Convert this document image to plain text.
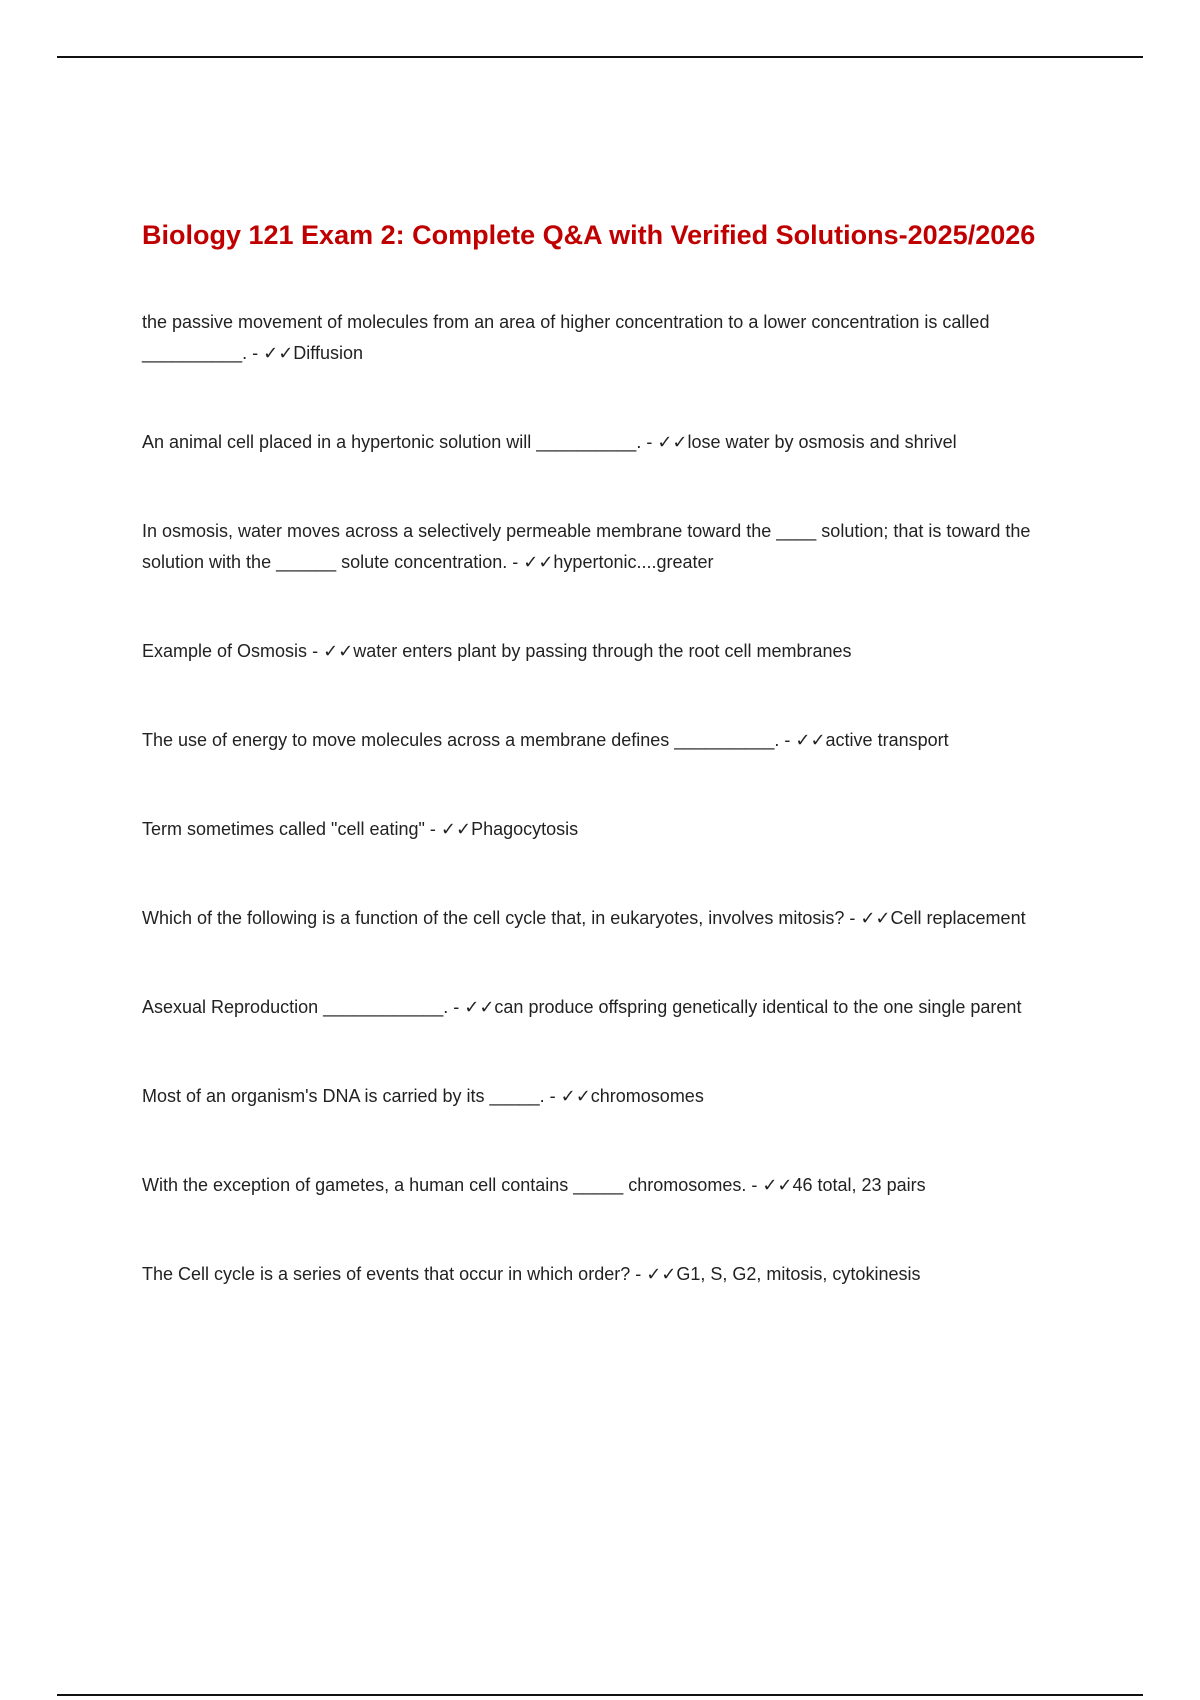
Biology 121 Exam 2: Complete Q&A with Verified Solutions-2025/2026

the passive movement of molecules from an area of higher concentration to a lower concentration is called __________. - ✓✓Diffusion

An animal cell placed in a hypertonic solution will __________. - ✓✓lose water by osmosis and shrivel

In osmosis, water moves across a selectively permeable membrane toward the ____ solution; that is toward the solution with the ______ solute concentration. - ✓✓hypertonic....greater

Example of Osmosis - ✓✓water enters plant by passing through the root cell membranes

The use of energy to move molecules across a membrane defines __________. - ✓✓active transport

Term sometimes called "cell eating" - ✓✓Phagocytosis

Which of the following is a function of the cell cycle that, in eukaryotes, involves mitosis? - ✓✓Cell replacement

Asexual Reproduction ____________. - ✓✓can produce offspring genetically identical to the one single parent

Most of an organism's DNA is carried by its _____. - ✓✓chromosomes

With the exception of gametes, a human cell contains _____ chromosomes. - ✓✓46 total, 23 pairs

The Cell cycle is a series of events that occur in which order? - ✓✓G1, S, G2, mitosis, cytokinesis
